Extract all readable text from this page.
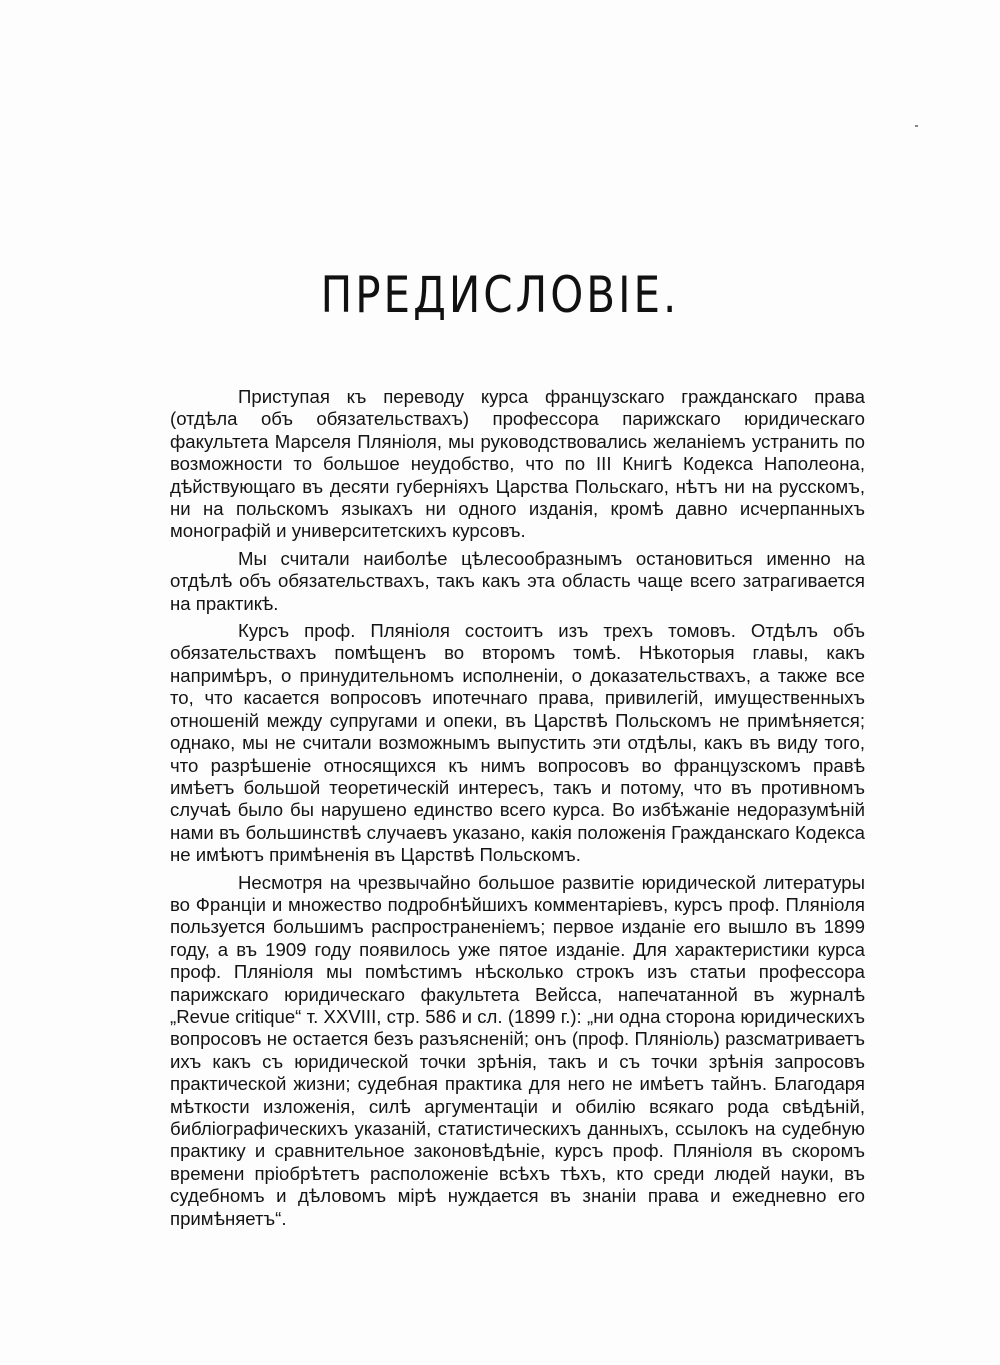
ПРЕДИСЛОВІЕ.

Приступая къ переводу курса французскаго гражданскаго права (отдѣла объ обязательствахъ) профессора парижскаго юридическаго факультета Марселя Пляніоля, мы руководствовались желаніемъ устранить по возможности то большое неудобство, что по III Книгѣ Кодекса Наполеона, дѣйствующаго въ десяти губерніяхъ Царства Польскаго, нѣтъ ни на русскомъ, ни на польскомъ языкахъ ни одного изданія, кромѣ давно исчерпанныхъ монографій и университетскихъ курсовъ.

Мы считали наиболѣе цѣлесообразнымъ остановиться именно на отдѣлѣ объ обязательствахъ, такъ какъ эта область чаще всего затрагивается на практикѣ.

Курсъ проф. Пляніоля состоитъ изъ трехъ томовъ. Отдѣлъ объ обязательствахъ помѣщенъ во второмъ томѣ. Нѣкоторыя главы, какъ напримѣръ, о принудительномъ исполненіи, о доказательствахъ, а также все то, что касается вопросовъ ипотечнаго права, привилегій, имущественныхъ отношеній между супругами и опеки, въ Царствѣ Польскомъ не примѣняется; однако, мы не считали возможнымъ выпустить эти отдѣлы, какъ въ виду того, что разрѣшеніе относящихся къ нимъ вопросовъ во французскомъ правѣ имѣетъ большой теоретическій интересъ, такъ и потому, что въ противномъ случаѣ было бы нарушено единство всего курса. Во избѣжаніе недоразумѣній нами въ большинствѣ случаевъ указано, какія положенія Гражданскаго Кодекса не имѣютъ примѣненія въ Царствѣ Польскомъ.

Несмотря на чрезвычайно большое развитіе юридической литературы во Франціи и множество подробнѣйшихъ комментаріевъ, курсъ проф. Пляніоля пользуется большимъ распространеніемъ; первое изданіе его вышло въ 1899 году, а въ 1909 году появилось уже пятое изданіе. Для характеристики курса проф. Пляніоля мы помѣстимъ нѣсколько строкъ изъ статьи профессора парижскаго юридическаго факультета Вейсса, напечатанной въ журналѣ „Revue critique“ т. XXVIII, стр. 586 и сл. (1899 г.): „ни одна сторона юридическихъ вопросовъ не остается безъ разъясненій; онъ (проф. Пляніоль) разсматриваетъ ихъ какъ съ юридической точки зрѣнія, такъ и съ точки зрѣнія запросовъ практической жизни; судебная практика для него не имѣетъ тайнъ. Благодаря мѣткости изложенія, силѣ аргументаціи и обилію всякаго рода свѣдѣній, библіографическихъ указаній, статистическихъ данныхъ, ссылокъ на судебную практику и сравнительное законовѣдѣніе, курсъ проф. Пляніоля въ скоромъ времени пріобрѣтетъ расположеніе всѣхъ тѣхъ, кто среди людей науки, въ судебномъ и дѣловомъ мірѣ нуждается въ знаніи права и ежедневно его примѣняетъ“.
